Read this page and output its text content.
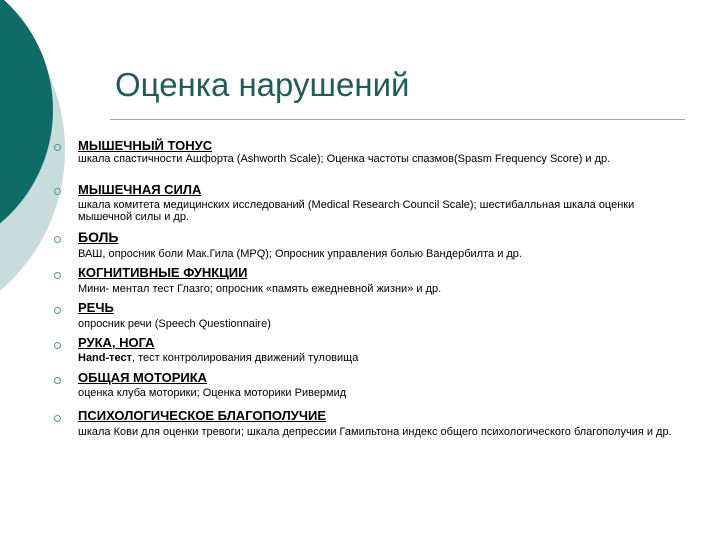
Оценка нарушений
МЫШЕЧНЫЙ ТОНУС
шкала спастичности Ашфорта (Ashworth Scale); Оценка частоты спазмов(Spasm Frequency Score) и др.
МЫШЕЧНАЯ СИЛА
шкала комитета медицинских исследований (Medical Research Council Scale); шестибалльная шкала оценки мышечной силы и др.
БОЛЬ
ВАШ, опросник боли Мак.Гила (MPQ); Опросник управления болью Вандербилта и др.
КОГНИТИВНЫЕ ФУНКЦИИ
Мини- ментал тест Глазго; опросник «память ежедневной жизни» и др.
РЕЧЬ
опросник речи (Speech Questionnaire)
РУКА, НОГА
Hand-тест, тест контролирования движений туловища
ОБЩАЯ МОТОРИКА
оценка клуба моторики; Оценка моторики Ривермид
ПСИХОЛОГИЧЕСКОЕ БЛАГОПОЛУЧИЕ
шкала Кови для оценки тревоги; шкала депрессии Гамильтона индекс общего психологического благополучия и др.
